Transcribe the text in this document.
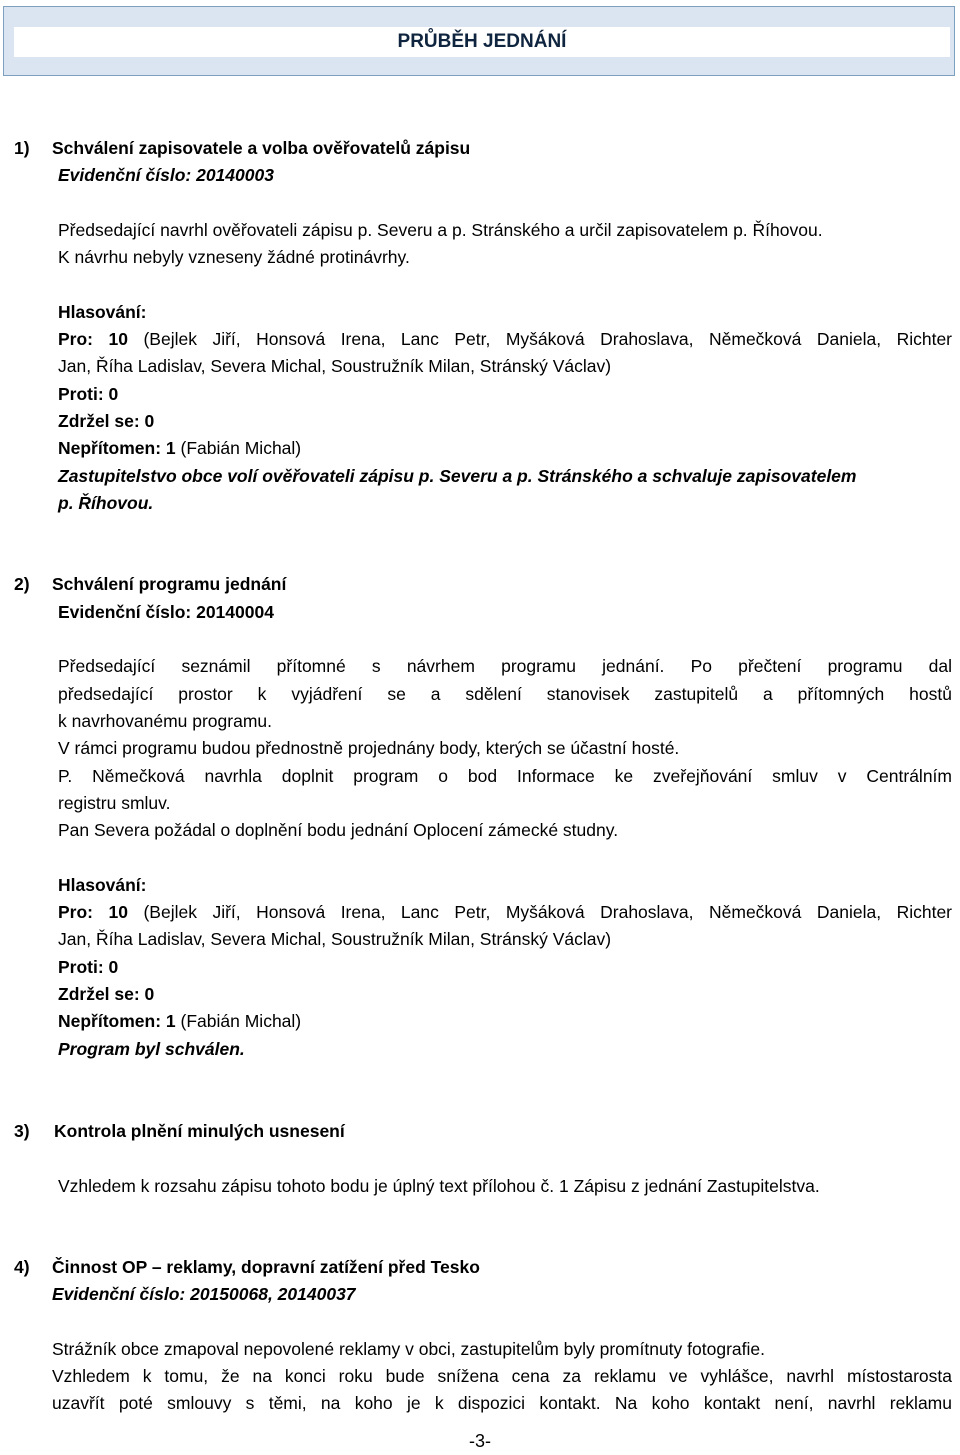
PRŮBĚH JEDNÁNÍ
1) Schválení zapisovatele a volba ověřovatelů zápisu
Evidenční číslo: 20140003
Předsedající navrhl ověřovateli zápisu p. Severu a p. Stránského a určil zapisovatelem p. Říhovou.
K návrhu nebyly vzneseny žádné protinávrhy.
Hlasování:
Pro: 10 (Bejlek Jiří, Honsová Irena, Lanc Petr, Myšáková Drahoslava, Němečková Daniela, Richter
Jan, Říha Ladislav, Severa Michal, Soustružník Milan, Stránský Václav)
Proti: 0
Zdržel se: 0
Nepřítomen: 1 (Fabián Michal)
Zastupitelstvo obce volí ověřovateli zápisu p. Severu a p. Stránského a schvaluje zapisovatelem
p. Říhovou.
2) Schválení programu jednání
Evidenční číslo: 20140004
Předsedající seznámil přítomné s návrhem programu jednání. Po přečtení programu dal
předsedající prostor k vyjádření se a sdělení stanovisek zastupitelů a přítomných hostů
k navrhovanému programu.
V rámci programu budou přednostně projednány body, kterých se účastní hosté.
P. Němečková navrhla doplnit program o bod Informace ke zveřejňování smluv v Centrálním
registru smluv.
Pan Severa požádal o doplnění bodu jednání Oplocení zámecké studny.
Hlasování:
Pro: 10 (Bejlek Jiří, Honsová Irena, Lanc Petr, Myšáková Drahoslava, Němečková Daniela, Richter
Jan, Říha Ladislav, Severa Michal, Soustružník Milan, Stránský Václav)
Proti: 0
Zdržel se: 0
Nepřítomen: 1 (Fabián Michal)
Program byl schválen.
3) Kontrola plnění minulých usnesení
Vzhledem k rozsahu zápisu tohoto bodu je úplný text přílohou č. 1 Zápisu z jednání Zastupitelstva.
4) Činnost OP – reklamy, dopravní zatížení před Tesko
Evidenční číslo: 20150068, 20140037
Strážník obce zmapoval nepovolené reklamy v obci, zastupitelům byly promítnuty fotografie.
Vzhledem k tomu, že na konci roku bude snížena cena za reklamu ve vyhlášce, navrhl místostarosta
uzavřít poté smlouvy s těmi, na koho je k dispozici kontakt. Na koho kontakt není, navrhl reklamu
-3-
